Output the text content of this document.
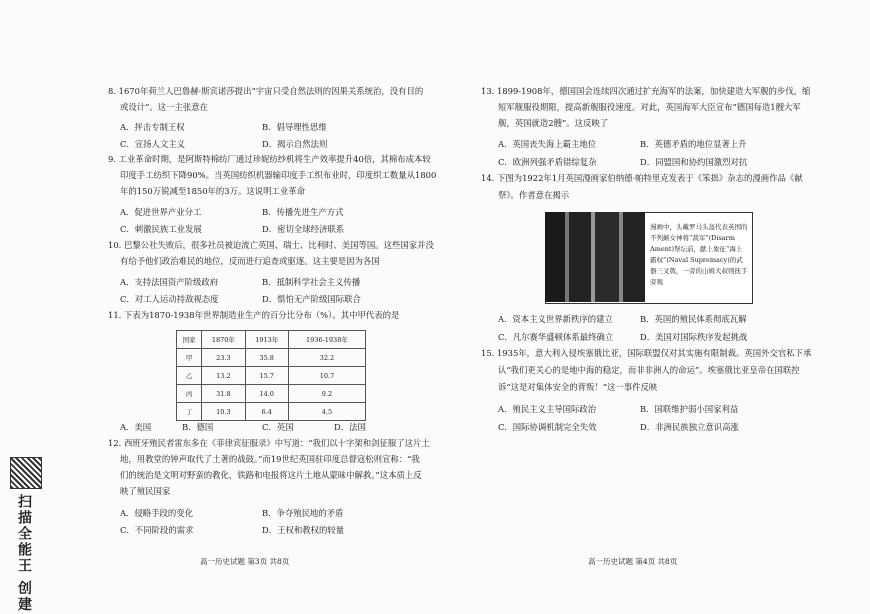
8. 1670年荷兰人巴鲁赫·斯宾诺莎提出“宇宙只受自然法则的因果关系统治，没有目的
或设计”。这一主张意在
A．抨击专制王权	B．倡导理性思维
C．宣扬人文主义	D．揭示自然法则
9. 工业革命时期，是阿斯特棉纺厂通过珍妮纺纱机将生产效率提升40倍，其棉布成本较
印度手工纺织下降90%。当英国纺织机器输印度手工织布业时，印度织工数量从1800
年的150万锐减至1850年的3万。这说明工业革命
A．促进世界产业分工	B．传播先进生产方式
C．刺激民族工业发展	D．密切全球经济联系
10. 巴黎公社失败后，很多社员被迫流亡英国、瑞士、比利时、美国等国。这些国家并没
有给予他们政治难民的地位，反而进行追查或驱逐。这主要是因为各国
A．支持法国资产阶级政府	B．抵制科学社会主义传播
C．对工人运动持敌视态度	D．惧怕无产阶级国际联合
11. 下表为1870-1938年世界制造业生产的百分比分布（%）。其中甲代表的是
国家	1870年	1913年	1936-1938年
甲	23.3	35.8	32.2
乙	13.2	15.7	10.7
丙	31.8	14.0	9.2
丁	10.3	6.4	4.5
A．美国	B．德国	C．英国	D．法国
12. 西班牙殖民者雷东多在《菲律宾征服录》中写道：“我们以十字架和剑征服了这片土
地，用教堂的钟声取代了土著的战鼓。”而19世纪英国驻印度总督寇松则宣称：“我
们的统治是文明对野蛮的教化，铁路和电报将这片土地从蒙昧中解救。”这本质上反
映了殖民国家
A．侵略手段的变化	B．争夺殖民地的矛盾
C．不同阶段的需求	D．王权和教权的较量
高一历史试题 第3页 共8页
13. 1899-1908年，德国国会连续四次通过扩充海军的法案，加快建造大军舰的步伐，缩
短军舰服役期限，提高新舰服役速度。对此，英国海军大臣宣布“德国每造1艘大军
舰，英国就造2艘”。这反映了
A．英国丧失海上霸主地位	B．英德矛盾的地位显著上升
C．欧洲列强矛盾错综复杂	D．同盟国和协约国激烈对抗
14. 下图为1922年1月英国漫画家伯纳德·帕特里克发表于《笨拙》杂志的漫画作品《献
祭》。作者意在揭示
漫画中，头戴罗马头盔代表英国的不列颠女神将“裁军”(Disarm Ament)祭坛前，献上象征“海上霸权”(Naval Supremacy)的武器三叉戟，一旁的山姆大叔则抚手旁观
A．资本主义世界新秩序的建立	B．英国的殖民体系彻底瓦解
C．凡尔赛华盛顿体系最终确立	D．美国对国际秩序发起挑战
15. 1935年，意大利入侵埃塞俄比亚，国际联盟仅对其实施有限制裁。英国外交官私下承
认“我们更关心的是地中海的稳定，而非非洲人的命运”。埃塞俄比亚皇帝在国联控
诉“这是对集体安全的背叛！”这一事件反映
A．殖民主义主导国际政治	B．国联维护弱小国家利益
C．国际协调机制完全失效	D．非洲民族独立意识高涨
高一历史试题 第4页 共8页
扫描全能王 创建
